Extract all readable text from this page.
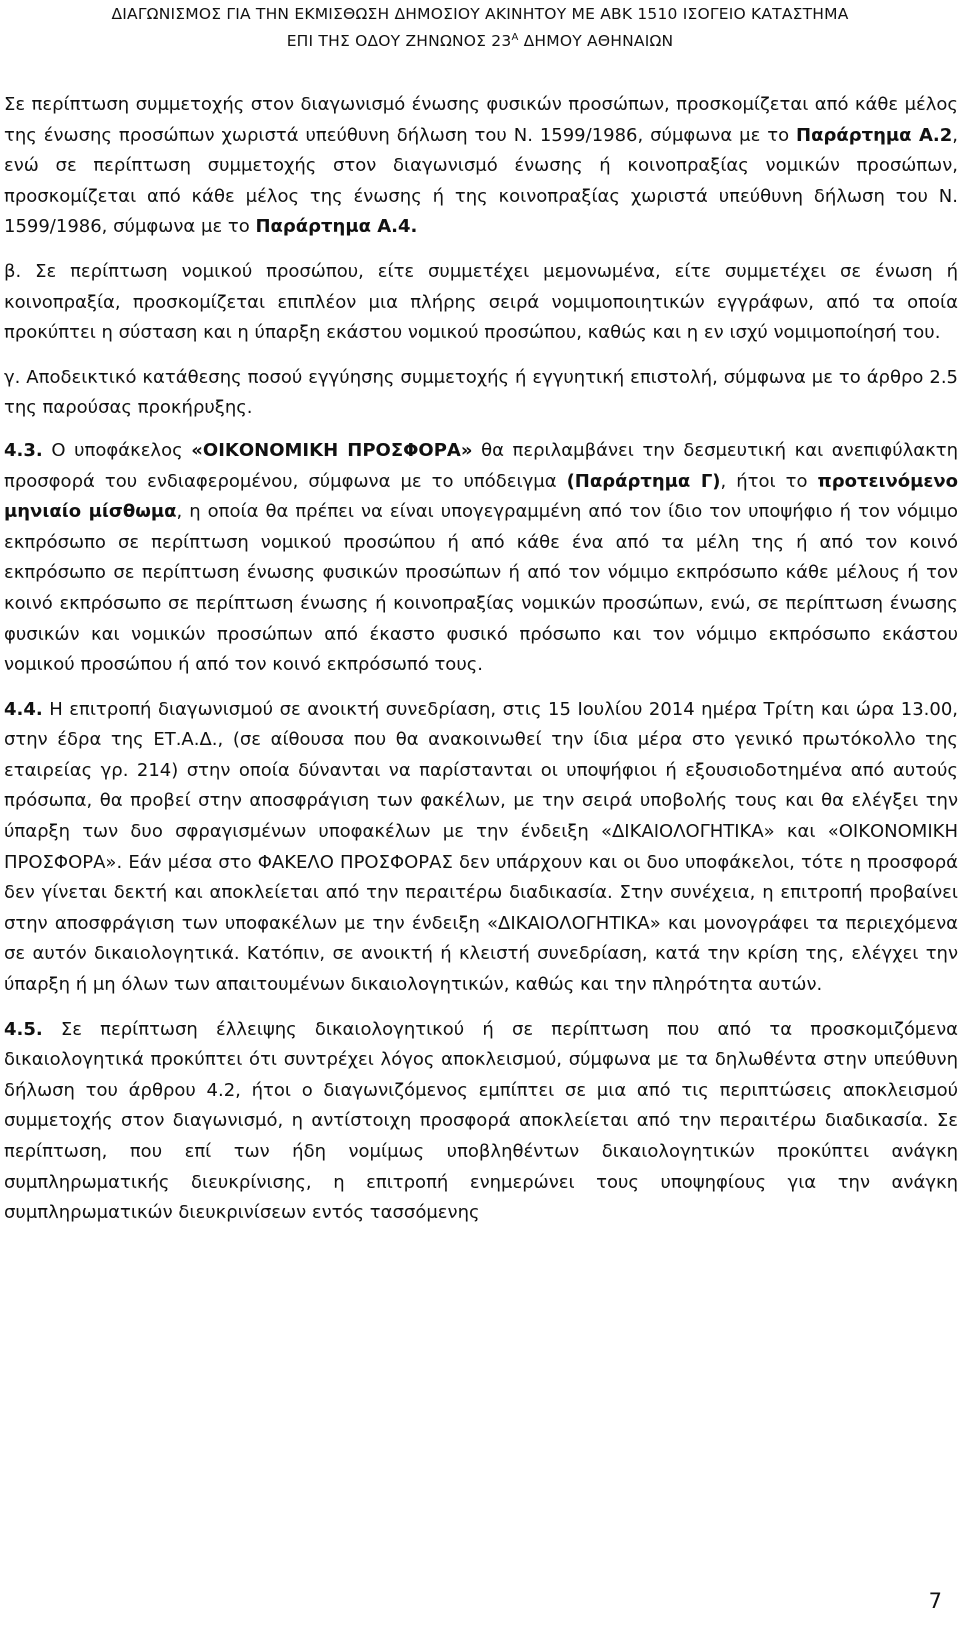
ΔΙΑΓΩΝΙΣΜΟΣ ΓΙΑ ΤΗΝ ΕΚΜΙΣΘΩΣΗ ΔΗΜΟΣΙΟΥ ΑΚΙΝΗΤΟΥ ΜΕ ΑΒΚ 1510 ΙΣΟΓΕΙΟ ΚΑΤΑΣΤΗΜΑ
ΕΠΙ ΤΗΣ ΟΔΟΥ ΖΗΝΩΝΟΣ $23^A$ ΔΗΜΟΥ ΑΘΗΝΑΙΩΝ

Σε περίπτωση συμμετοχής στον διαγωνισμό ένωσης φυσικών προσώπων, προσκομίζεται από κάθε μέλος της ένωσης προσώπων χωριστά υπεύθυνη δήλωση του Ν. 1599/1986, σύμφωνα με το Παράρτημα Α.2, ενώ σε περίπτωση συμμετοχής στον διαγωνισμό ένωσης ή κοινοπραξίας νομικών προσώπων, προσκομίζεται από κάθε μέλος της ένωσης ή της κοινοπραξίας χωριστά υπεύθυνη δήλωση του Ν. 1599/1986, σύμφωνα με το Παράρτημα Α.4.

β. Σε περίπτωση νομικού προσώπου, είτε συμμετέχει μεμονωμένα, είτε συμμετέχει σε ένωση ή κοινοπραξία, προσκομίζεται επιπλέον μια πλήρης σειρά νομιμοποιητικών εγγράφων, από τα οποία προκύπτει η σύσταση και η ύπαρξη εκάστου νομικού προσώπου, καθώς και η εν ισχύ νομιμοποίησή του.

γ. Αποδεικτικό κατάθεσης ποσού εγγύησης συμμετοχής ή εγγυητική επιστολή, σύμφωνα με το άρθρο 2.5 της παρούσας προκήρυξης.

4.3. Ο υποφάκελος «ΟΙΚΟΝΟΜΙΚΗ ΠΡΟΣΦΟΡΑ» θα περιλαμβάνει την δεσμευτική και ανεπιφύλακτη προσφορά του ενδιαφερομένου, σύμφωνα με το υπόδειγμα (Παράρτημα Γ), ήτοι το προτεινόμενο μηνιαίο μίσθωμα, η οποία θα πρέπει να είναι υπογεγραμμένη από τον ίδιο τον υποψήφιο ή τον νόμιμο εκπρόσωπο σε περίπτωση νομικού προσώπου ή από κάθε ένα από τα μέλη της ή από τον κοινό εκπρόσωπο σε περίπτωση ένωσης φυσικών προσώπων ή από τον νόμιμο εκπρόσωπο κάθε μέλους ή τον κοινό εκπρόσωπο σε περίπτωση ένωσης ή κοινοπραξίας νομικών προσώπων, ενώ, σε περίπτωση ένωσης φυσικών και νομικών προσώπων από έκαστο φυσικό πρόσωπο και τον νόμιμο εκπρόσωπο εκάστου νομικού προσώπου ή από τον κοινό εκπρόσωπό τους.

4.4. Η επιτροπή διαγωνισμού σε ανοικτή συνεδρίαση, στις 15 Ιουλίου 2014 ημέρα Τρίτη και ώρα 13.00, στην έδρα της ΕΤ.Α.Δ., (σε αίθουσα που θα ανακοινωθεί την ίδια μέρα στο γενικό πρωτόκολλο της εταιρείας γρ. 214) στην οποία δύνανται να παρίστανται οι υποψήφιοι ή εξουσιοδοτημένα από αυτούς πρόσωπα, θα προβεί στην αποσφράγιση των φακέλων, με την σειρά υποβολής τους και θα ελέγξει την ύπαρξη των δυο σφραγισμένων υποφακέλων με την ένδειξη «ΔΙΚΑΙΟΛΟΓΗΤΙΚΑ» και «ΟΙΚΟΝΟΜΙΚΗ ΠΡΟΣΦΟΡΑ». Εάν μέσα στο ΦΑΚΕΛΟ ΠΡΟΣΦΟΡΑΣ δεν υπάρχουν και οι δυο υποφάκελοι, τότε η προσφορά δεν γίνεται δεκτή και αποκλείεται από την περαιτέρω διαδικασία. Στην συνέχεια, η επιτροπή προβαίνει στην αποσφράγιση των υποφακέλων με την ένδειξη «ΔΙΚΑΙΟΛΟΓΗΤΙΚΑ» και μονογράφει τα περιεχόμενα σε αυτόν δικαιολογητικά. Κατόπιν, σε ανοικτή ή κλειστή συνεδρίαση, κατά την κρίση της, ελέγχει την ύπαρξη ή μη όλων των απαιτουμένων δικαιολογητικών, καθώς και την πληρότητα αυτών.

4.5. Σε περίπτωση έλλειψης δικαιολογητικού ή σε περίπτωση που από τα προσκομιζόμενα δικαιολογητικά προκύπτει ότι συντρέχει λόγος αποκλεισμού, σύμφωνα με τα δηλωθέντα στην υπεύθυνη δήλωση του άρθρου 4.2, ήτοι ο διαγωνιζόμενος εμπίπτει σε μια από τις περιπτώσεις αποκλεισμού συμμετοχής στον διαγωνισμό, η αντίστοιχη προσφορά αποκλείεται από την περαιτέρω διαδικασία. Σε περίπτωση, που επί των ήδη νομίμως υποβληθέντων δικαιολογητικών προκύπτει ανάγκη συμπληρωματικής διευκρίνισης, η επιτροπή ενημερώνει τους υποψηφίους για την ανάγκη συμπληρωματικών διευκρινίσεων εντός τασσόμενης

7
